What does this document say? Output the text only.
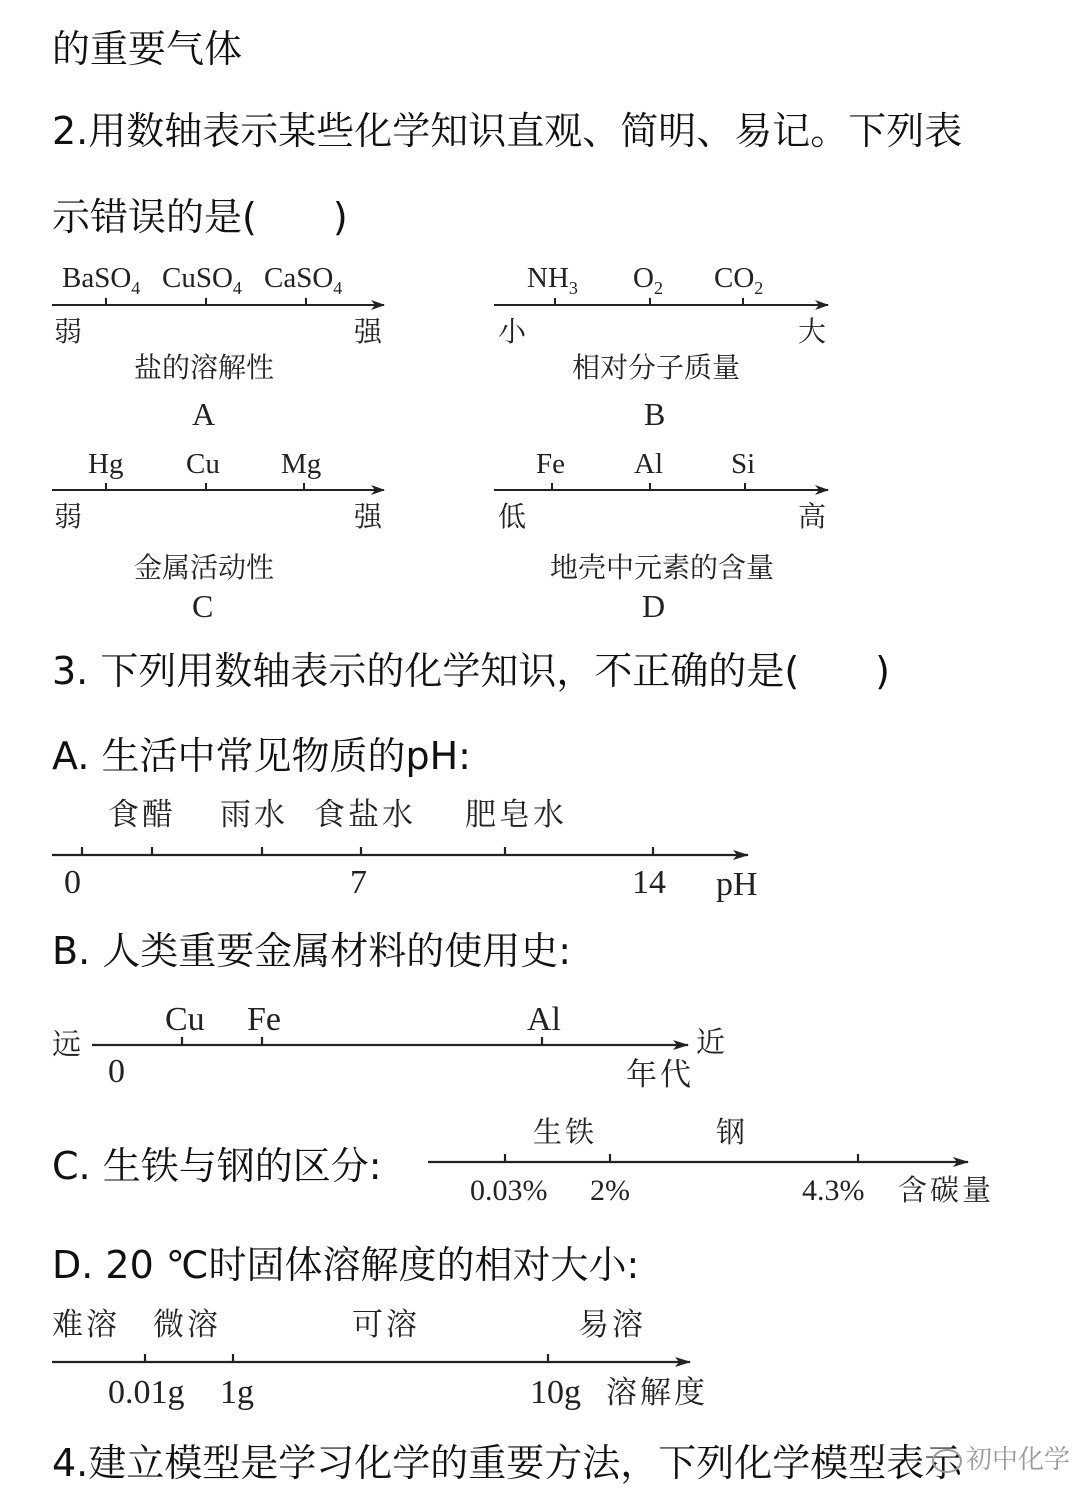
的重要气体
2.用数轴表示某些化学知识直观、简明、易记。下列表
示错误的是(　　)
BaSO$_4$ CuSO$_4$ CaSO$_4$
弱	强
盐的溶解性
A
$NH_3$ $O_2$ $CO_2$
小	大
相对分子质量
B
Hg Cu Mg
弱	强
金属活动性
C
Fe Al Si
低	高
地壳中元素的含量
D
3. 下列用数轴表示的化学知识，不正确的是(　　)
A. 生活中常见物质的pH:
食醋 雨水 食盐水 肥皂水
0	7	14 pH
B. 人类重要金属材料的使用史:
Cu Fe	Al
远	近
0	年代
C. 生铁与钢的区分:
生铁	钢
0.03% 2%	4.3% 含碳量
D. 20 ℃时固体溶解度的相对大小:
难溶 微溶	可溶	易溶
0.01g 1g	10g 溶解度
4.建立模型是学习化学的重要方法，下列化学模型表示 初中化学
